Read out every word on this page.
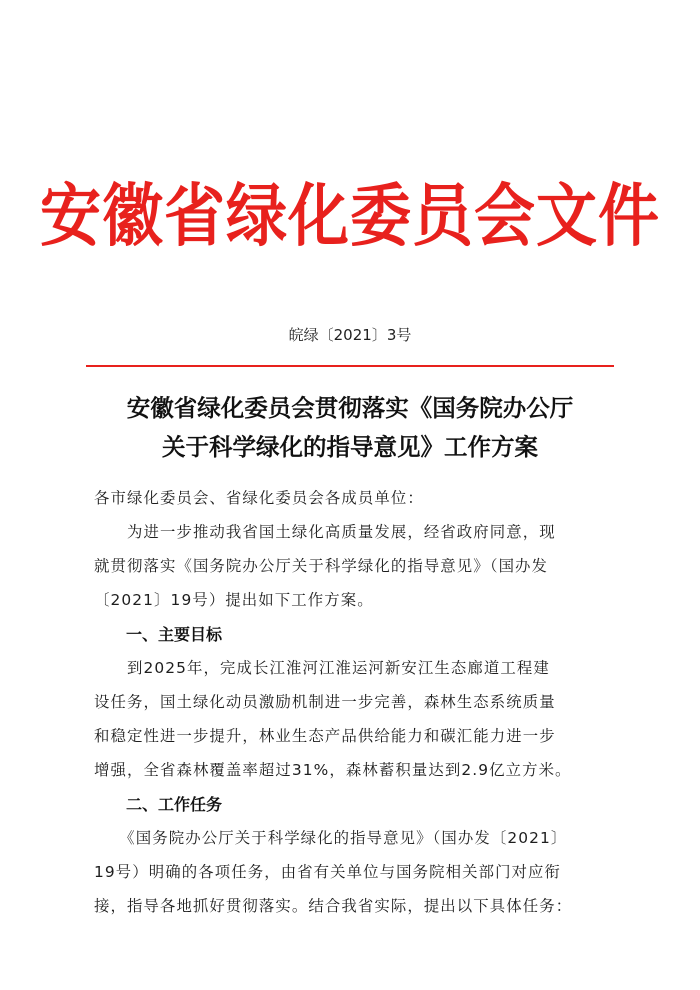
安徽省绿化委员会文件
皖绿〔2021〕3号
安徽省绿化委员会贯彻落实《国务院办公厅
关于科学绿化的指导意见》工作方案
各市绿化委员会、省绿化委员会各成员单位：
　　为进一步推动我省国土绿化高质量发展，经省政府同意，现
就贯彻落实《国务院办公厅关于科学绿化的指导意见》（国办发
〔2021〕19号）提出如下工作方案。
一、主要目标
　　到2025年，完成长江淮河江淮运河新安江生态廊道工程建
设任务，国土绿化动员激励机制进一步完善，森林生态系统质量
和稳定性进一步提升，林业生态产品供给能力和碳汇能力进一步
增强，全省森林覆盖率超过31%，森林蓄积量达到2.9亿立方米。
二、工作任务
　　《国务院办公厅关于科学绿化的指导意见》（国办发〔2021〕
19号）明确的各项任务，由省有关单位与国务院相关部门对应衔
接，指导各地抓好贯彻落实。结合我省实际，提出以下具体任务：
